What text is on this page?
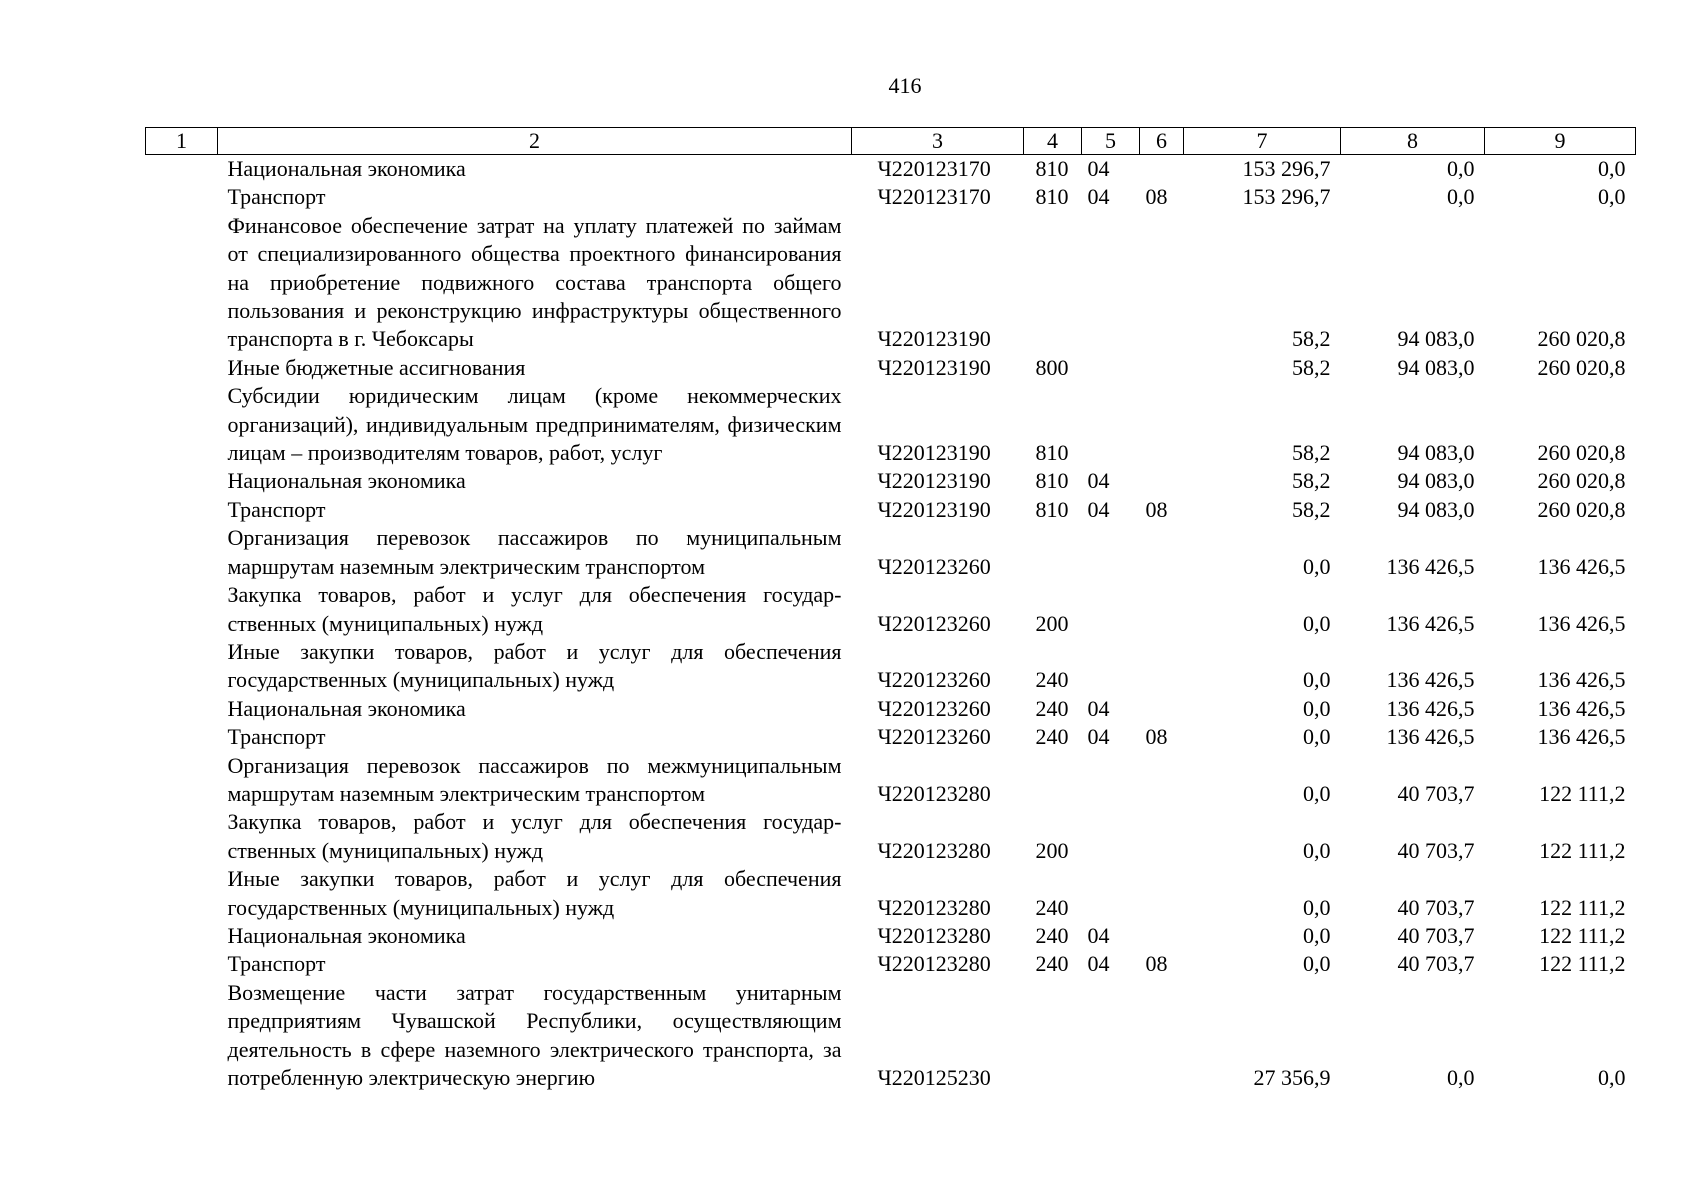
416
1	2	3	4	5	6	7	8	9
	Национальная экономика	Ч220123170	810	04		153 296,7	0,0	0,0
	Транспорт	Ч220123170	810	04	08	153 296,7	0,0	0,0
	Финансовое обеспечение затрат на уплату платежей по займам от специализированного общества проектного финансирования на приобретение подвижного состава транспорта общего пользования и реконструкцию инфраструктуры общественного транспорта в г. Чебоксары	Ч220123190				58,2	94 083,0	260 020,8
	Иные бюджетные ассигнования	Ч220123190	800			58,2	94 083,0	260 020,8
	Субсидии юридическим лицам (кроме некоммерческих организаций), индивидуальным предпринимателям, физическим лицам – производителям товаров, работ, услуг	Ч220123190	810			58,2	94 083,0	260 020,8
	Национальная экономика	Ч220123190	810	04		58,2	94 083,0	260 020,8
	Транспорт	Ч220123190	810	04	08	58,2	94 083,0	260 020,8
	Организация перевозок пассажиров по муниципальным маршрутам наземным электрическим транспортом	Ч220123260				0,0	136 426,5	136 426,5
	Закупка товаров, работ и услуг для обеспечения государственных (муниципальных) нужд	Ч220123260	200			0,0	136 426,5	136 426,5
	Иные закупки товаров, работ и услуг для обеспечения государственных (муниципальных) нужд	Ч220123260	240			0,0	136 426,5	136 426,5
	Национальная экономика	Ч220123260	240	04		0,0	136 426,5	136 426,5
	Транспорт	Ч220123260	240	04	08	0,0	136 426,5	136 426,5
	Организация перевозок пассажиров по межмуниципальным маршрутам наземным электрическим транспортом	Ч220123280				0,0	40 703,7	122 111,2
	Закупка товаров, работ и услуг для обеспечения государственных (муниципальных) нужд	Ч220123280	200			0,0	40 703,7	122 111,2
	Иные закупки товаров, работ и услуг для обеспечения государственных (муниципальных) нужд	Ч220123280	240			0,0	40 703,7	122 111,2
	Национальная экономика	Ч220123280	240	04		0,0	40 703,7	122 111,2
	Транспорт	Ч220123280	240	04	08	0,0	40 703,7	122 111,2
	Возмещение части затрат государственным унитарным предприятиям Чувашской Республики, осуществляющим деятельность в сфере наземного электрического транспорта, за потребленную электрическую энергию	Ч220125230				27 356,9	0,0	0,0
